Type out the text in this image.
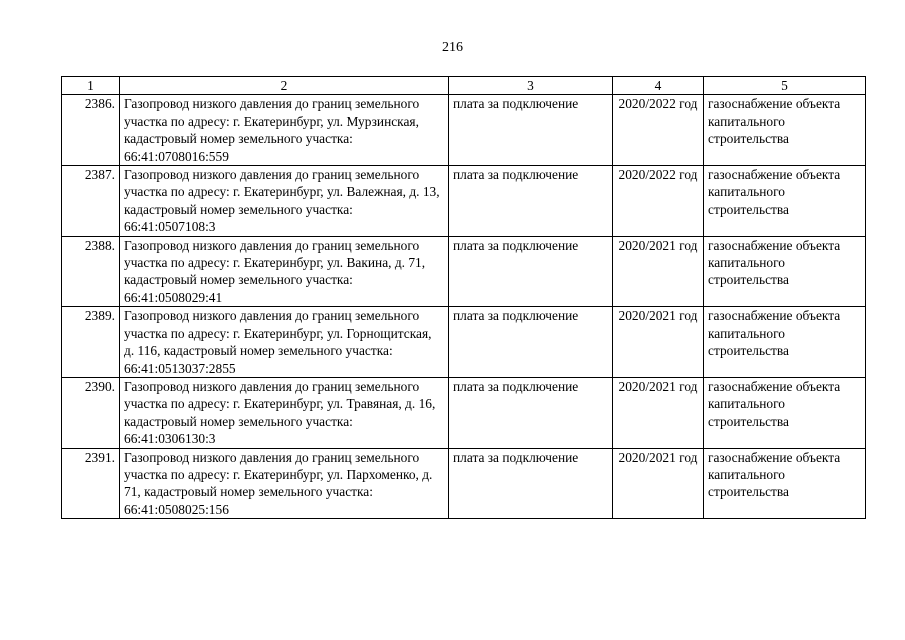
216
1	2	3	4	5
2386.	Газопровод низкого давления до границ земельного участка по адресу: г. Екатеринбург, ул. Мурзинская, кадастровый номер земельного участка: 66:41:0708016:559	плата за подключение	2020/2022 год	газоснабжение объекта капитального строительства
2387.	Газопровод низкого давления до границ земельного участка по адресу: г. Екатеринбург, ул. Валежная, д. 13, кадастровый номер земельного участка: 66:41:0507108:3	плата за подключение	2020/2022 год	газоснабжение объекта капитального строительства
2388.	Газопровод низкого давления до границ земельного участка по адресу: г. Екатеринбург, ул. Вакина, д. 71, кадастровый номер земельного участка: 66:41:0508029:41	плата за подключение	2020/2021 год	газоснабжение объекта капитального строительства
2389.	Газопровод низкого давления до границ земельного участка по адресу: г. Екатеринбург, ул. Горнощитская, д. 116, кадастровый номер земельного участка: 66:41:0513037:2855	плата за подключение	2020/2021 год	газоснабжение объекта капитального строительства
2390.	Газопровод низкого давления до границ земельного участка по адресу: г. Екатеринбург, ул. Травяная, д. 16, кадастровый номер земельного участка: 66:41:0306130:3	плата за подключение	2020/2021 год	газоснабжение объекта капитального строительства
2391.	Газопровод низкого давления до границ земельного участка по адресу: г. Екатеринбург, ул. Пархоменко, д. 71, кадастровый номер земельного участка: 66:41:0508025:156	плата за подключение	2020/2021 год	газоснабжение объекта капитального строительства
